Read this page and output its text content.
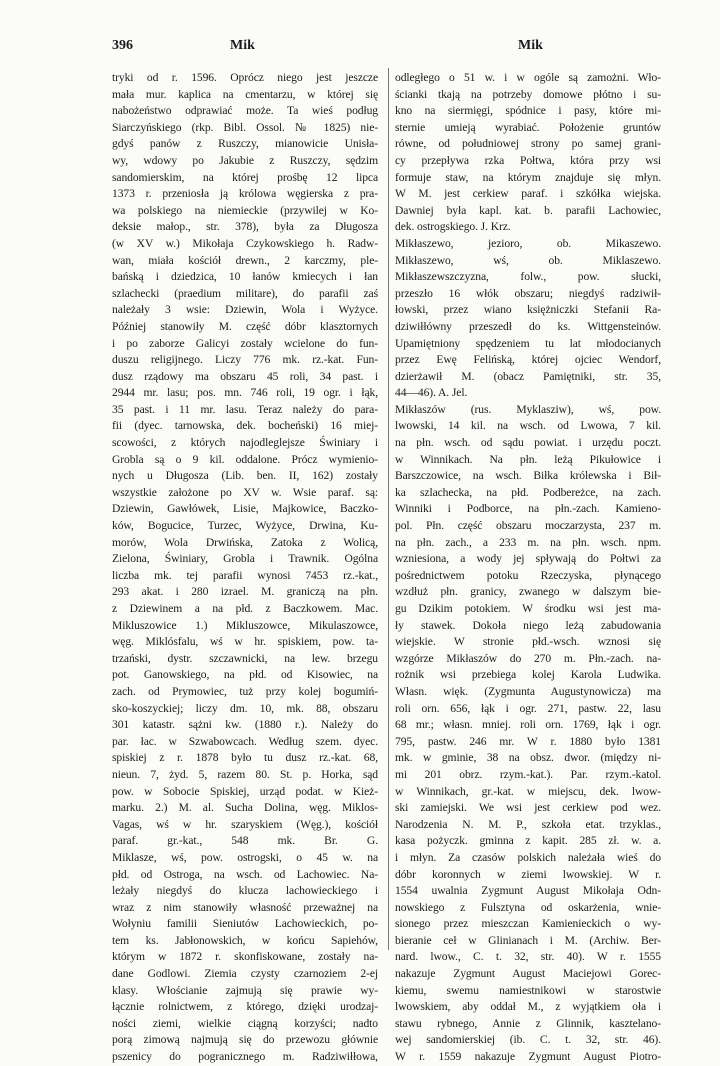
396	Mik	Mik
tryki od r. 1596. Oprócz niego jest jeszcze
mała mur. kaplica na cmentarzu, w której się
nabożeństwo odprawiać może. Ta wieś podług
Siarczyńskiego (rkp. Bibl. Ossol. № 1825) nie-
gdyś panów z Ruszczy, mianowicie Unisła-
wy, wdowy po Jakubie z Ruszczy, sędzim
sandomierskim, na której prośbę 12 lipca
1373 r. przeniosła ją królowa węgierska z pra-
wa polskiego na niemieckie (przywilej w Ko-
deksie małop., str. 378), była za Długosza
(w XV w.) Mikołaja Czykowskiego h. Radw-
wan, miała kościół drewn., 2 karczmy, ple-
bańską i dziedzica, 10 łanów kmiecych i łan
szlachecki (praedium militare), do parafii zaś
należały 3 wsie: Dziewin, Wola i Wyżyce.
Później stanowiły M. część dóbr klasztornych
i po zaborze Galicyi zostały wcielone do fun-
duszu religijnego. Liczy 776 mk. rz.-kat. Fun-
dusz rządowy ma obszaru 45 roli, 34 past. i
2944 mr. lasu; pos. mn. 746 roli, 19 ogr. i łąk,
35 past. i 11 mr. lasu. Teraz należy do para-
fii (dyec. tarnowska, dek. bocheński) 16 miej-
scowości, z których najodleglejsze Świniary i
Grobla są o 9 kil. oddalone. Prócz wymienio-
nych u Długosza (Lib. ben. II, 162) zostały
wszystkie założone po XV w. Wsie paraf. są:
Dziewin, Gawłówek, Lisie, Majkowice, Baczko-
ków, Bogucice, Turzec, Wyżyce, Drwina, Ku-
morów, Wola Drwińska, Zatoka z Wolicą,
Zielona, Świniary, Grobla i Trawnik. Ogólna
liczba mk. tej parafii wynosi 7453 rz.-kat.,
293 akat. i 280 izrael. M. graniczą na płn.
z Dziewinem a na płd. z Baczkowem. Mac.
Mikluszowice 1.) Mikluszowce, Mikulaszowce,
węg. Miklósfalu, wś w hr. spiskiem, pow. ta-
trzański, dystr. szczawnicki, na lew. brzegu
pot. Ganowskiego, na płd. od Kisowiec, na
zach. od Prymowiec, tuż przy kolej bogumiń-
sko-koszyckiej; liczy dm. 10, mk. 88, obszaru
301 katastr. sążni kw. (1880 r.). Należy do
par. łac. w Szwabowcach. Według szem. dyec.
spiskiej z r. 1878 było tu dusz rz.-kat. 68,
nieun. 7, żyd. 5, razem 80. St. p. Horka, sąd
pow. w Sobocie Spiskiej, urząd podat. w Kież-
marku. 2.) M. al. Sucha Dolina, węg. Miklos-
Vagas, wś w hr. szaryskiem (Węg.), kościół
paraf. gr.-kat., 548 mk. Br. G.
Miklasze, wś, pow. ostrogski, o 45 w. na
płd. od Ostroga, na wsch. od Lachowiec. Na-
leżały niegdyś do klucza lachowieckiego i
wraz z nim stanowiły własność przeważnej na
Wołyniu familii Sieniutów Lachowieckich, po-
tem ks. Jabłonowskich, w końcu Sapiehów,
którym w 1872 r. skonfiskowane, zostały na-
dane Godlowi. Ziemia czysty czarnoziem 2-ej
klasy. Włościanie zajmują się prawie wy-
łącznie rolnictwem, z którego, dzięki urodzaj-
ności ziemi, wielkie ciągną korzyści; nadto
porą zimową najmują się do przewozu głównie
pszenicy do pogranicznego m. Radziwiłłowa,
odległego o 51 w. i w ogóle są zamożni. Wło-
ścianki tkają na potrzeby domowe płótno i su-
kno na siermięgi, spódnice i pasy, które mi-
sternie umieją wyrabiać. Położenie gruntów
równe, od południowej strony po samej grani-
cy przepływa rzka Połtwa, która przy wsi
formuje staw, na którym znajduje się młyn.
W M. jest cerkiew paraf. i szkółka wiejska.
Dawniej była kapl. kat. b. parafii Lachowiec,
dek. ostrogskiego. J. Krz.
Mikłaszewo, jezioro, ob. Mikaszewo.
Mikłaszewo, wś, ob. Miklaszewo.
Mikłaszewszczyzna, folw., pow. słucki,
przeszło 16 włók obszaru; niegdyś radziwił-
łowski, przez wiano księżniczki Stefanii Ra-
dziwiłłówny przeszedł do ks. Wittgensteinów.
Upamiętniony spędzeniem tu lat młodocianych
przez Ewę Felińską, której ojciec Wendorf,
dzierżawił M. (obacz Pamiętniki, str. 35,
44—46). A. Jel.
Mikłaszów (rus. Myklasziw), wś, pow.
lwowski, 14 kil. na wsch. od Lwowa, 7 kil.
na płn. wsch. od sądu powiat. i urzędu poczt.
w Winnikach. Na płn. leżą Pikułowice i
Barszczowice, na wsch. Biłka królewska i Bił-
ka szlachecka, na płd. Podbereżce, na zach.
Winniki i Podborce, na płn.-zach. Kamieno-
pol. Płn. część obszaru moczarzysta, 237 m.
na płn. zach., a 233 m. na płn. wsch. npm.
wzniesiona, a wody jej spływają do Połtwi za
pośrednictwem potoku Rzeczyska, płynącego
wzdłuż płn. granicy, zwanego w dalszym bie-
gu Dzikim potokiem. W środku wsi jest ma-
ły stawek. Dokoła niego leżą zabudowania
wiejskie. W stronie płd.-wsch. wznosi się
wzgórze Mikłaszów do 270 m. Płn.-zach. na-
rożnik wsi przebiega kolej Karola Ludwika.
Własn. więk. (Zygmunta Augustynowicza) ma
roli orn. 656, łąk i ogr. 271, pastw. 22, lasu
68 mr.; własn. mniej. roli orn. 1769, łąk i ogr.
795, pastw. 246 mr. W r. 1880 było 1381
mk. w gminie, 38 na obsz. dwor. (między ni-
mi 201 obrz. rzym.-kat.). Par. rzym.-katol.
w Winnikach, gr.-kat. w miejscu, dek. lwow-
ski zamiejski. We wsi jest cerkiew pod wez.
Narodzenia N. M. P., szkoła etat. trzyklas.,
kasa pożyczk. gminna z kapit. 285 zł. w. a.
i młyn. Za czasów polskich należała wieś do
dóbr koronnych w ziemi lwowskiej. W r.
1554 uwalnia Zygmunt August Mikołaja Odn-
nowskiego z Fulsztyna od oskarżenia, wnie-
sionego przez mieszczan Kamienieckich o wy-
bieranie ceł w Glinianach i M. (Archiw. Ber-
nard. lwow., C. t. 32, str. 40). W r. 1555
nakazuje Zygmunt August Maciejowi Gorec-
kiemu, swemu namiestnikowi w starostwie
lwowskiem, aby oddał M., z wyjątkiem oła i
stawu rybnego, Annie z Glinnik, kasztelano-
wej sandomierskiej (ib. C. t. 32, str. 46).
W r. 1559 nakazuje Zygmunt August Piotro-
